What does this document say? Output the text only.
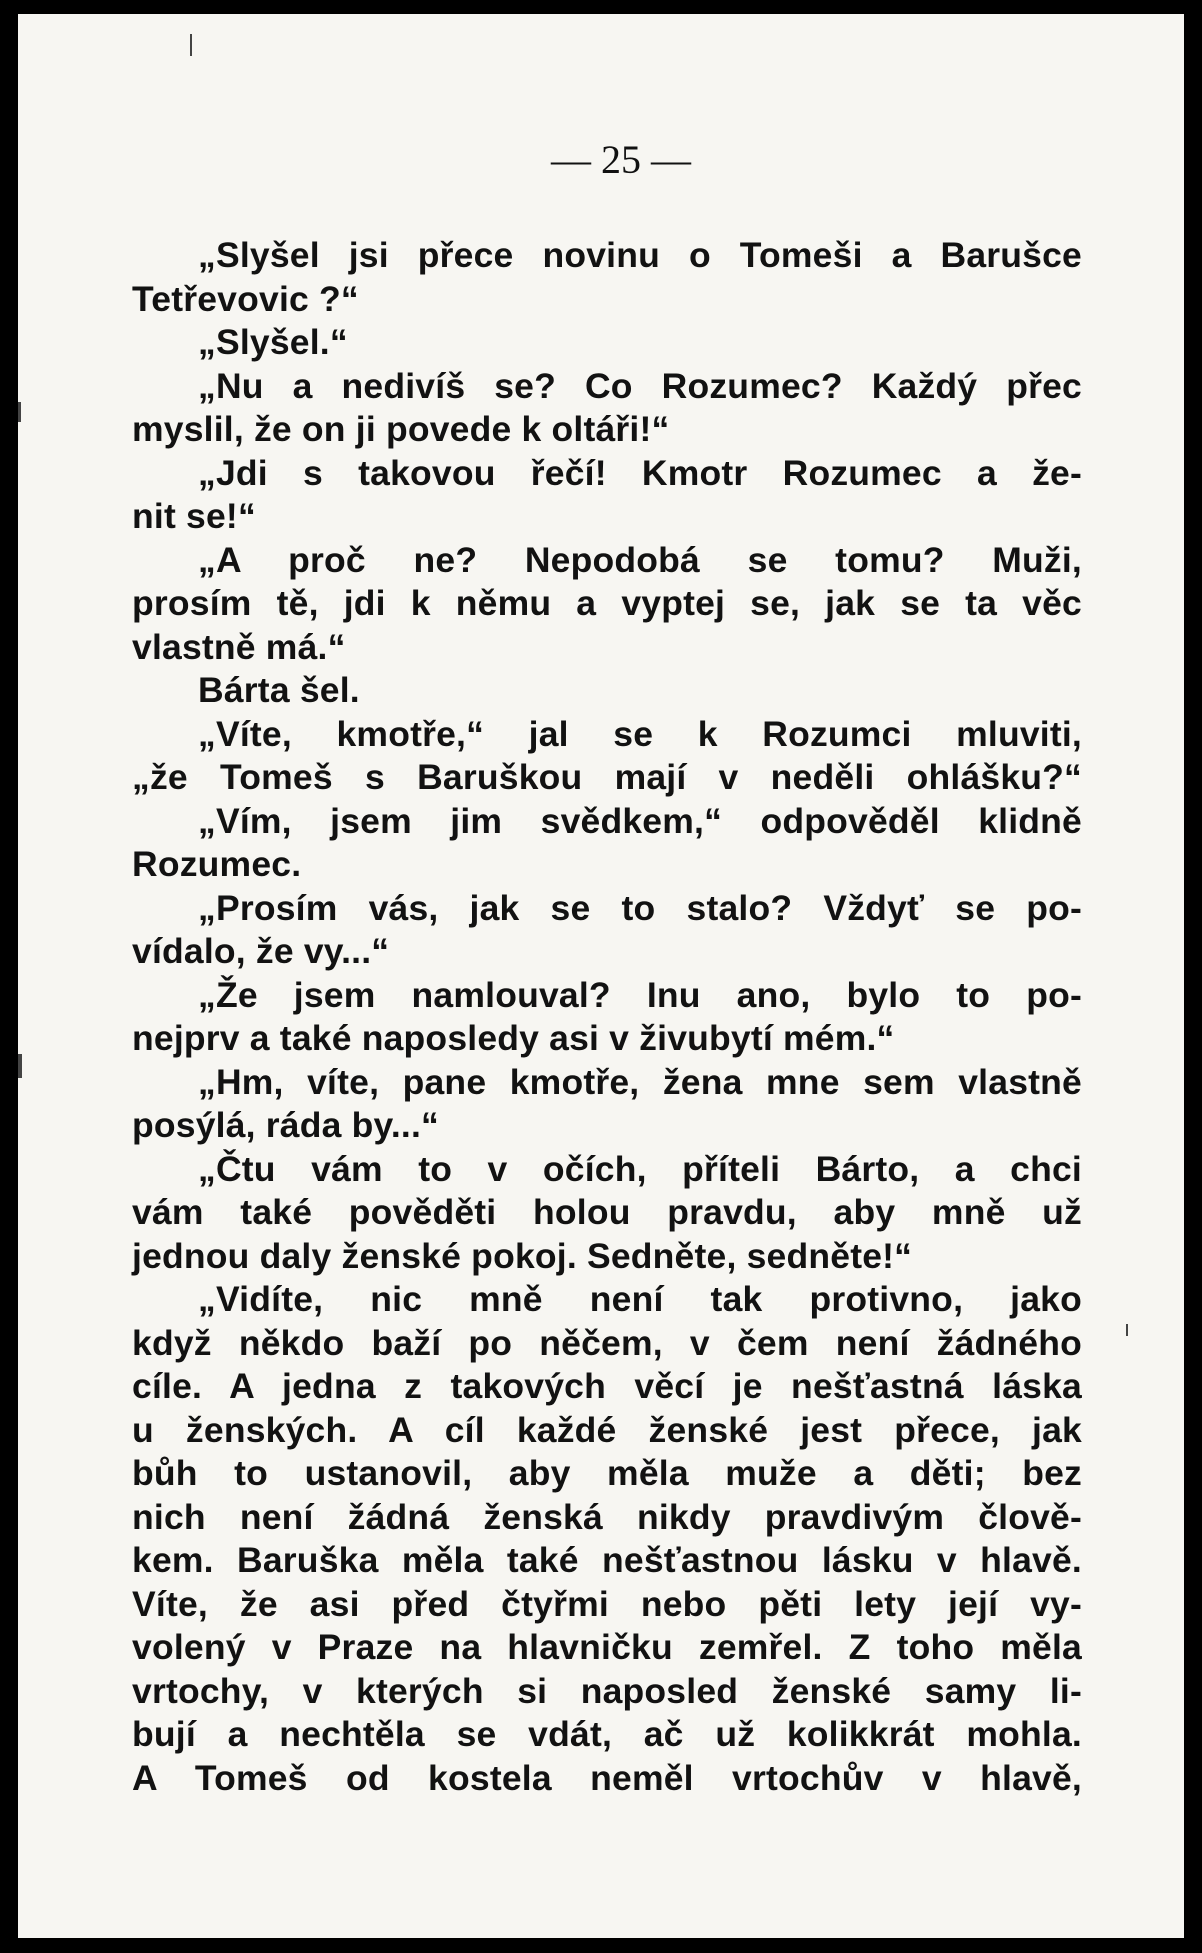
— 25 —
„Slyšel jsi přece novinu o Tomeši a Barušce
Tetřevovic ?“
„Slyšel.“
„Nu a nedivíš se? Co Rozumec? Každý přec
myslil, že on ji povede k oltáři!“
„Jdi s takovou řečí! Kmotr Rozumec a že-
nit se!“
„A proč ne? Nepodobá se tomu? Muži,
prosím tě, jdi k němu a vyptej se, jak se ta věc
vlastně má.“
Bárta šel.
„Víte, kmotře,“ jal se k Rozumci mluviti,
„že Tomeš s Baruškou mají v neděli ohlášku?“
„Vím, jsem jim svědkem,“ odpověděl klidně
Rozumec.
„Prosím vás, jak se to stalo? Vždyť se po-
vídalo, že vy...“
„Že jsem namlouval? Inu ano, bylo to po-
nejprv a také naposledy asi v živubytí mém.“
„Hm, víte, pane kmotře, žena mne sem vlastně
posýlá, ráda by...“
„Čtu vám to v očích, příteli Bárto, a chci
vám také pověděti holou pravdu, aby mně už
jednou daly ženské pokoj. Sedněte, sedněte!“
„Vidíte, nic mně není tak protivno, jako
když někdo baží po něčem, v čem není žádného
cíle. A jedna z takových věcí je nešťastná láska
u ženských. A cíl každé ženské jest přece, jak
bůh to ustanovil, aby měla muže a děti; bez
nich není žádná ženská nikdy pravdivým člově-
kem. Baruška měla také nešťastnou lásku v hlavě.
Víte, že asi před čtyřmi nebo pěti lety její vy-
volený v Praze na hlavničku zemřel. Z toho měla
vrtochy, v kterých si naposled ženské samy li-
bují a nechtěla se vdát, ač už kolikkrát mohla.
A Tomeš od kostela neměl vrtochův v hlavě,
